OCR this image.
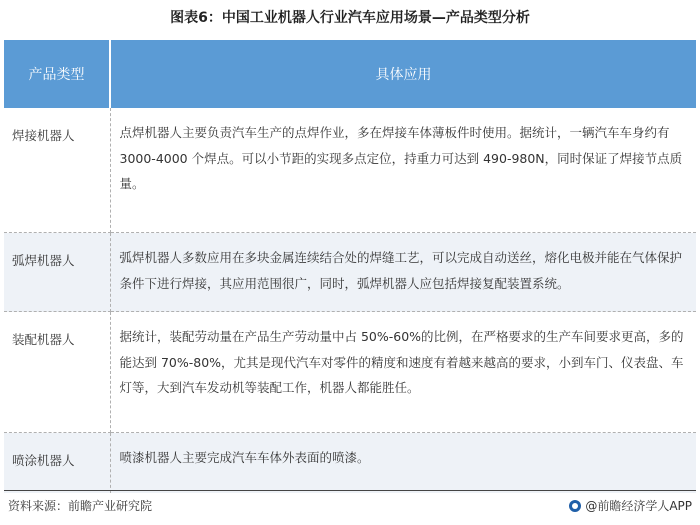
图表6：中国工业机器人行业汽车应用场景—产品类型分析
产品类型	具体应用
焊接机器人	点焊机器人主要负责汽车生产的点焊作业，多在焊接车体薄板件时使用。据统计，一辆汽车车身约有 3000-4000 个焊点。可以小节距的实现多点定位，持重力可达到 490-980N，同时保证了焊接节点质量。
弧焊机器人	弧焊机器人多数应用在多块金属连续结合处的焊缝工艺，可以完成自动送丝，熔化电极并能在气体保护条件下进行焊接，其应用范围很广，同时，弧焊机器人应包括焊接复配装置系统。
装配机器人	据统计，装配劳动量在产品生产劳动量中占 50%-60%的比例，在严格要求的生产车间要求更高，多的能达到 70%-80%，尤其是现代汽车对零件的精度和速度有着越来越高的要求，小到车门、仪表盘、车灯等，大到汽车发动机等装配工作，机器人都能胜任。
喷涂机器人	喷漆机器人主要完成汽车车体外表面的喷漆。
资料来源：前瞻产业研究院	@前瞻经济学人APP
